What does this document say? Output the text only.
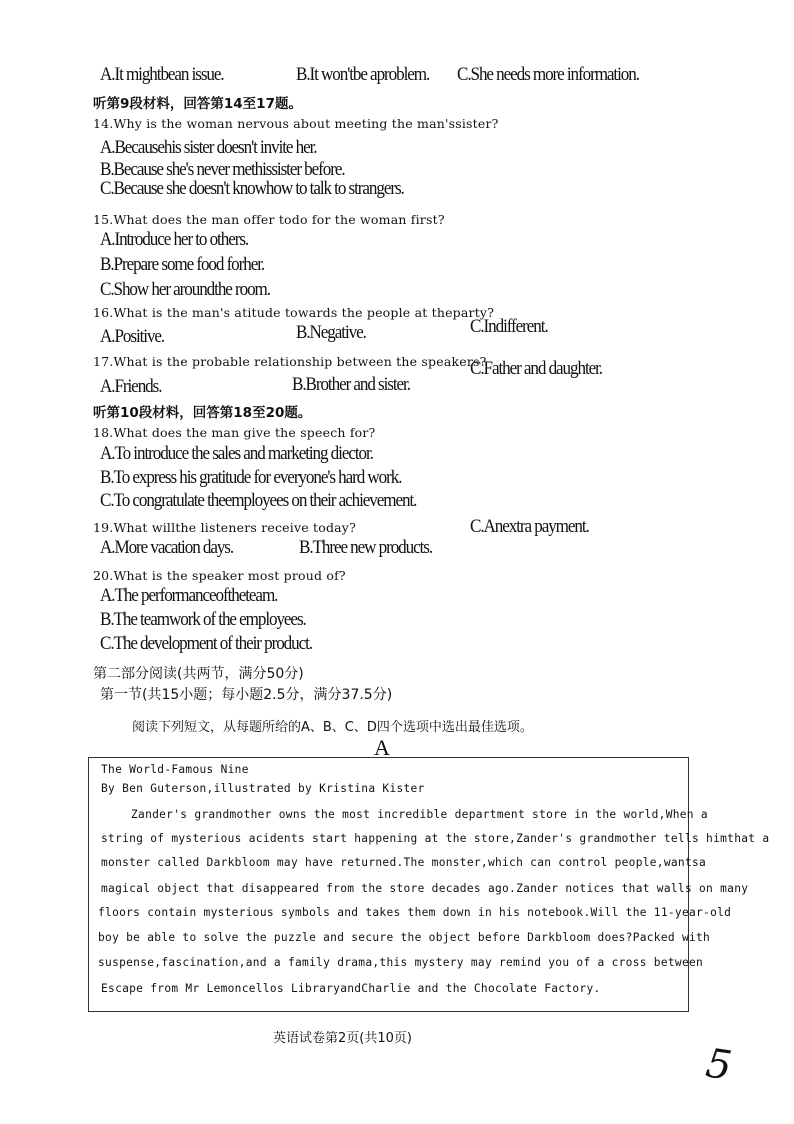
A.It mightbean issue.	B.It won'tbe aproblem. C.She needs more information.
听第9段材料，回答第14至17题。
14.Why is the woman nervous about meeting the man'ssister?
A.Becausehis sister doesn't invite her.
B.Because she's never methissister before.
C.Because she doesn't knowhow to talk to strangers.
15.What does the man offer todo for the woman first?
A.Introduce her to others.
B.Prepare some food forher.
C.Show her aroundthe room.
16.What is the man's atitude towards the people at theparty?
A.Positive.	B.Negative.	C.Indifferent.
17.What is the probable relationship between the speakers?
C.Father and daughter.
A.Friends.	B.Brother and sister.
听第10段材料，回答第18至20题。
18.What does the man give the speech for?
A.To introduce the sales and marketing diector.
B.To express his gratitude for everyone's hard work.
C.To congratulate theemployees on their achievement.
19.What willthe listeners receive today?	C.Anextra payment.
A.More vacation days.	B.Three new products.
20.What is the speaker most proud of?
A.The performanceoftheteam.
B.The teamwork of the employees.
C.The development of their product.
第二部分阅读(共两节，满分50分)
第一节(共15小题；每小题2.5分，满分37.5分)
阅读下列短文，从每题所给的A、B、C、D四个选项中选出最佳选项。
A
The World-Famous Nine
By Ben Guterson,illustrated by Kristina Kister
Zander's grandmother owns the most incredible department store in the world,When a
string of mysterious acidents start happening at the store,Zander's grandmother tells himthat a
monster called Darkbloom may have returned.The monster,which can control people,wantsa
magical object that disappeared from the store decades ago.Zander notices that walls on many
floors contain mysterious symbols and takes them down in his notebook.Will the 11-year-old
boy be able to solve the puzzle and secure the object before Darkbloom does?Packed with
suspense,fascination,and a family drama,this mystery may remind you of a cross between
Escape from Mr Lemoncellos LibraryandCharlie and the Chocolate Factory.
英语试卷第2页(共10页)
5
